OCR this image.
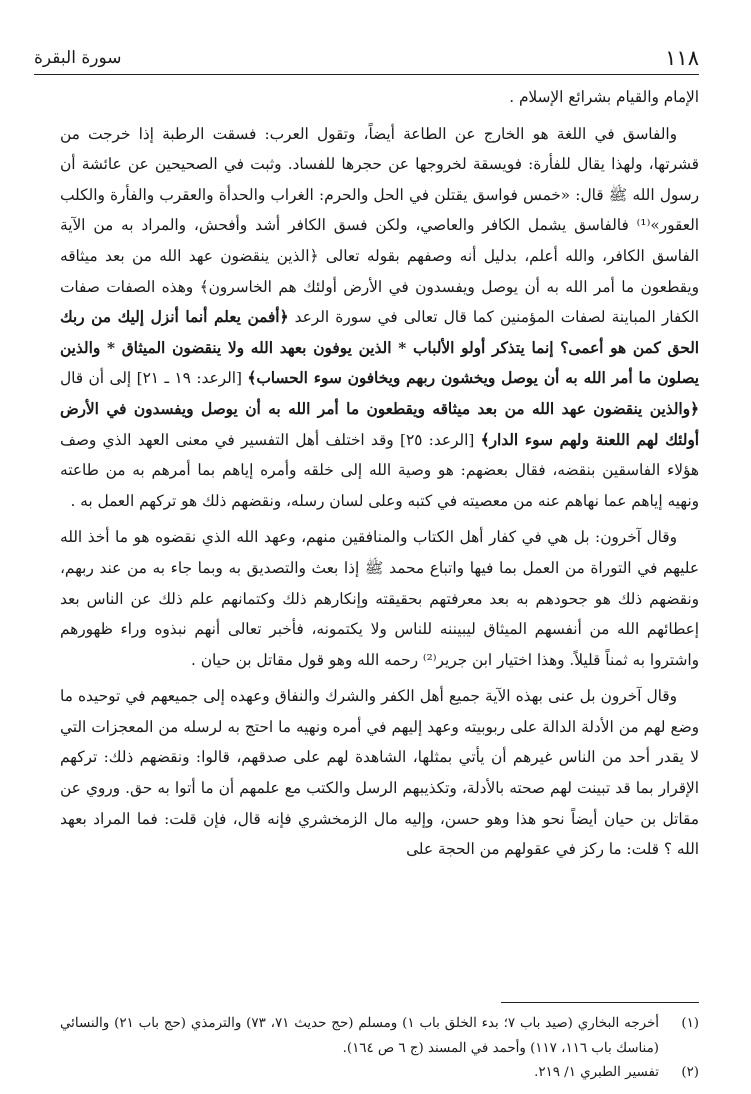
١١٨
سورة البقرة

الإمام والقيام بشرائع الإسلام .

والفاسق في اللغة هو الخارج عن الطاعة أيضاً، وتقول العرب: فسقت الرطبة إذا خرجت من قشرتها، ولهذا يقال للفأرة: فويسقة لخروجها عن حجرها للفساد. وثبت في الصحيحين عن عائشة أن رسول الله ﷺ قال: «خمس فواسق يقتلن في الحل والحرم: الغراب والحدأة والعقرب والفأرة والكلب العقور»⁽¹⁾ فالفاسق يشمل الكافر والعاصي، ولكن فسق الكافر أشد وأفحش، والمراد به من الآية الفاسق الكافر، والله أعلم، بدليل أنه وصفهم بقوله تعالى ﴿الذين ينقضون عهد الله من بعد ميثاقه ويقطعون ما أمر الله به أن يوصل ويفسدون في الأرض أولئك هم الخاسرون﴾ وهذه الصفات صفات الكفار المباينة لصفات المؤمنين كما قال تعالى في سورة الرعد ﴿أفمن يعلم أنما أنزل إليك من ربك الحق كمن هو أعمى؟ إنما يتذكر أولو الألباب * الذين يوفون بعهد الله ولا ينقضون الميثاق * والذين يصلون ما أمر الله به أن يوصل ويخشون ربهم ويخافون سوء الحساب﴾ [الرعد: ١٩ ـ ٢١] إلى أن قال ﴿والذين ينقضون عهد الله من بعد ميثاقه ويقطعون ما أمر الله به أن يوصل ويفسدون في الأرض أولئك لهم اللعنة ولهم سوء الدار﴾ [الرعد: ٢٥] وقد اختلف أهل التفسير في معنى العهد الذي وصف هؤلاء الفاسقين بنقضه، فقال بعضهم: هو وصية الله إلى خلقه وأمره إياهم بما أمرهم به من طاعته ونهيه إياهم عما نهاهم عنه من معصيته في كتبه وعلى لسان رسله، ونقضهم ذلك هو تركهم العمل به .

وقال آخرون: بل هي في كفار أهل الكتاب والمنافقين منهم، وعهد الله الذي نقضوه هو ما أخذ الله عليهم في التوراة من العمل بما فيها واتباع محمد ﷺ إذا بعث والتصديق به وبما جاء به من عند ربهم، ونقضهم ذلك هو جحودهم به بعد معرفتهم بحقيقته وإنكارهم ذلك وكتمانهم علم ذلك عن الناس بعد إعطائهم الله من أنفسهم الميثاق ليبيننه للناس ولا يكتمونه، فأخبر تعالى أنهم نبذوه وراء ظهورهم واشتروا به ثمناً قليلاً. وهذا اختيار ابن جرير⁽²⁾ رحمه الله وهو قول مقاتل بن حيان .

وقال آخرون بل عنى بهذه الآية جميع أهل الكفر والشرك والنفاق وعهده إلى جميعهم في توحيده ما وضع لهم من الأدلة الدالة على ربوبيته وعهد إليهم في أمره ونهيه ما احتج به لرسله من المعجزات التي لا يقدر أحد من الناس غيرهم أن يأتي بمثلها، الشاهدة لهم على صدقهم، قالوا: ونقضهم ذلك: تركهم الإقرار بما قد تبينت لهم صحته بالأدلة، وتكذيبهم الرسل والكتب مع علمهم أن ما أتوا به حق. وروي عن مقاتل بن حيان أيضاً نحو هذا وهو حسن، وإليه مال الزمخشري فإنه قال، فإن قلت: فما المراد بعهد الله ؟ قلت: ما ركز في عقولهم من الحجة على

(١)
أخرجه البخاري (صيد باب ٧؛ بدء الخلق باب ١) ومسلم (حج حديث ٧١، ٧٣) والترمذي (حج باب ٢١) والنسائي (مناسك باب ١١٦، ١١٧) وأحمد في المسند (ج ٦ ص ١٦٤).
(٢)
تفسير الطبري ١/ ٢١٩.
